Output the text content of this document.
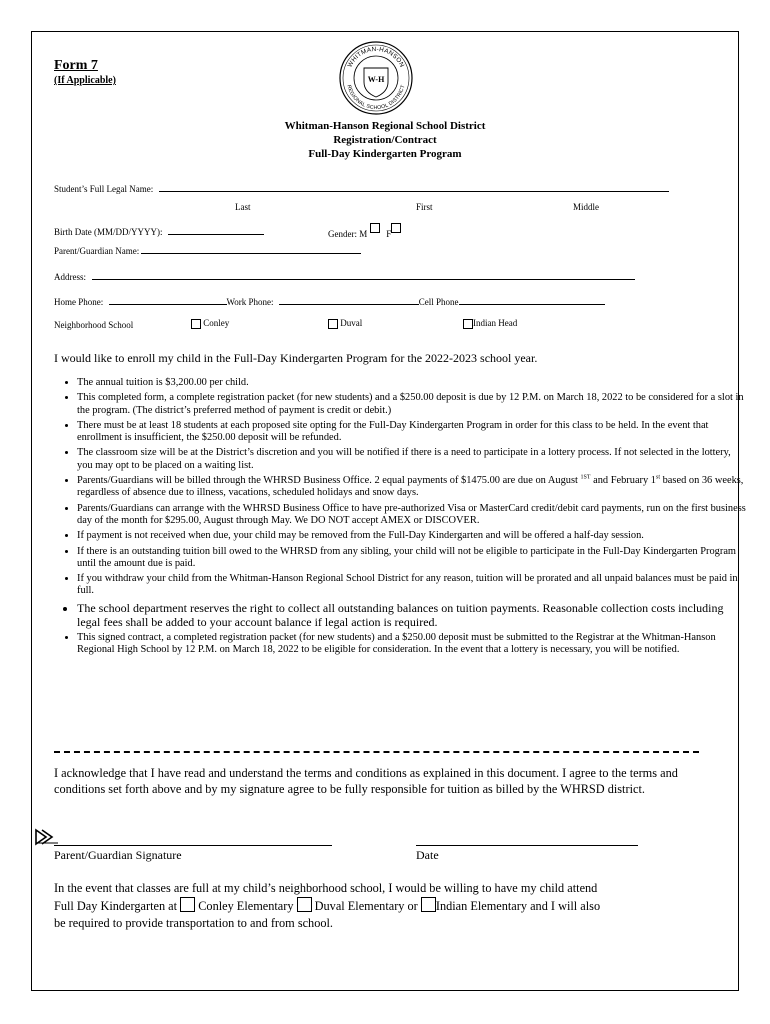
Form 7
(If Applicable)
WHITMAN-HANSON
REGIONAL SCHOOL DISTRICT
W-H
Whitman-Hanson Regional School District
Registration/Contract
Full-Day Kindergarten Program
Student’s Full Legal Name:
Last	First	Middle
Birth Date (MM/DD/YYYY):	Gender: M F
Parent/Guardian Name:
Address:
Home Phone:	Work Phone:	Cell Phone
Neighborhood School	Conley	Duval	Indian Head
I would like to enroll my child in the Full-Day Kindergarten Program for the 2022-2023 school year.
• The annual tuition is $3,200.00 per child.
• This completed form, a complete registration packet (for new students) and a $250.00 deposit is due by 12 P.M. on March 18, 2022 to be considered for a slot in the program. (The district’s preferred method of payment is credit or debit.)
• There must be at least 18 students at each proposed site opting for the Full-Day Kindergarten Program in order for this class to be held. In the event that enrollment is insufficient, the $250.00 deposit will be refunded.
• The classroom size will be at the District’s discretion and you will be notified if there is a need to participate in a lottery process. If not selected in the lottery, you may opt to be placed on a waiting list.
• Parents/Guardians will be billed through the WHRSD Business Office. 2 equal payments of $1475.00 are due on August $^{1ST}$ and February 1st based on 36 weeks, regardless of absence due to illness, vacations, scheduled holidays and snow days.
• Parents/Guardians can arrange with the WHRSD Business Office to have pre-authorized Visa or MasterCard credit/debit card payments, run on the first business day of the month for $295.00, August through May. We DO NOT accept AMEX or DISCOVER.
• If payment is not received when due, your child may be removed from the Full-Day Kindergarten and will be offered a half-day session.
• If there is an outstanding tuition bill owed to the WHRSD from any sibling, your child will not be eligible to participate in the Full-Day Kindergarten Program until the amount due is paid.
• If you withdraw your child from the Whitman-Hanson Regional School District for any reason, tuition will be prorated and all unpaid balances must be paid in full.
• The school department reserves the right to collect all outstanding balances on tuition payments. Reasonable collection costs including legal fees shall be added to your account balance if legal action is required.
• This signed contract, a completed registration packet (for new students) and a $250.00 deposit must be submitted to the Registrar at the Whitman-Hanson Regional High School by 12 P.M. on March 18, 2022 to be eligible for consideration. In the event that a lottery is necessary, you will be notified.
I acknowledge that I have read and understand the terms and conditions as explained in this document. I agree to the terms and conditions set forth above and by my signature agree to be fully responsible for tuition as billed by the WHRSD district.
Parent/Guardian Signature	Date
In the event that classes are full at my child’s neighborhood school, I would be willing to have my child attend
Full Day Kindergarten at  Conley Elementary  Duval Elementary or Indian Elementary and I will also
be required to provide transportation to and from school.
